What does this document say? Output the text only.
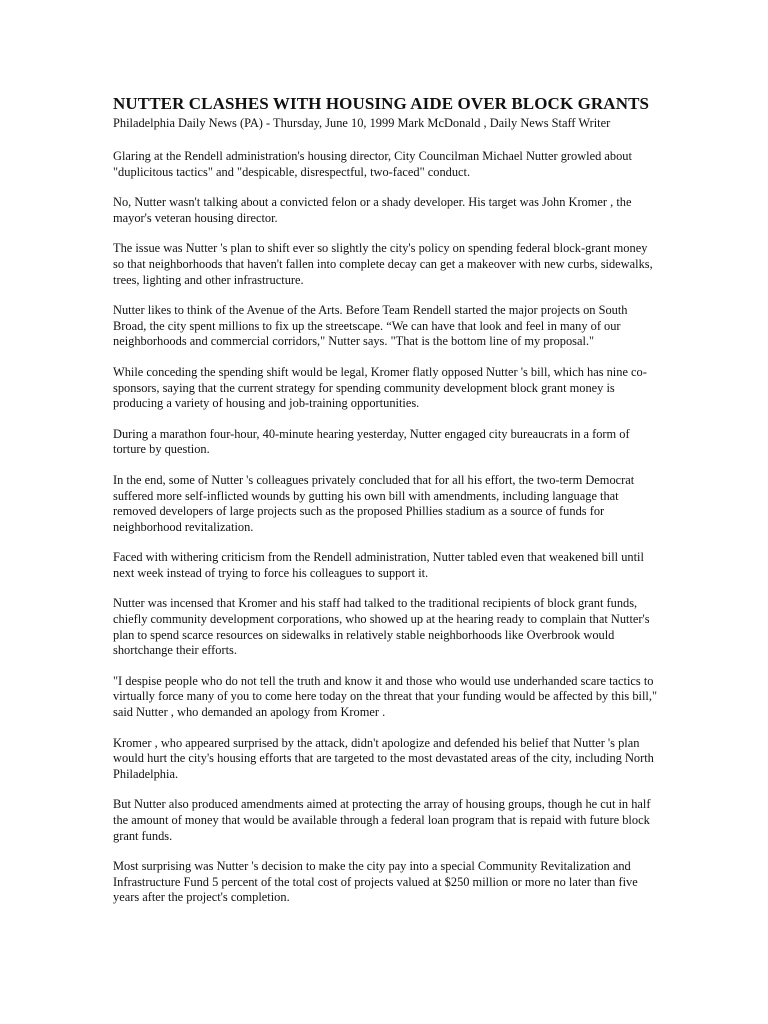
NUTTER CLASHES WITH HOUSING AIDE OVER BLOCK GRANTS

Philadelphia Daily News (PA) - Thursday, June 10, 1999 Mark McDonald , Daily News Staff Writer

Glaring at the Rendell administration's housing director, City Councilman Michael Nutter growled about "duplicitous tactics" and "despicable, disrespectful, two-faced" conduct.

No, Nutter wasn't talking about a convicted felon or a shady developer. His target was John Kromer , the mayor's veteran housing director.

The issue was Nutter 's plan to shift ever so slightly the city's policy on spending federal block-grant money so that neighborhoods that haven't fallen into complete decay can get a makeover with new curbs, sidewalks, trees, lighting and other infrastructure.

Nutter likes to think of the Avenue of the Arts. Before Team Rendell started the major projects on South Broad, the city spent millions to fix up the streetscape. “We can have that look and feel in many of our neighborhoods and commercial corridors," Nutter says. "That is the bottom line of my proposal."

While conceding the spending shift would be legal, Kromer flatly opposed Nutter 's bill, which has nine co-sponsors, saying that the current strategy for spending community development block grant money is producing a variety of housing and job-training opportunities.

During a marathon four-hour, 40-minute hearing yesterday, Nutter engaged city bureaucrats in a form of torture by question.

In the end, some of Nutter 's colleagues privately concluded that for all his effort, the two-term Democrat suffered more self-inflicted wounds by gutting his own bill with amendments, including language that removed developers of large projects such as the proposed Phillies stadium as a source of funds for neighborhood revitalization.

Faced with withering criticism from the Rendell administration, Nutter tabled even that weakened bill until next week instead of trying to force his colleagues to support it.

Nutter was incensed that Kromer and his staff had talked to the traditional recipients of block grant funds, chiefly community development corporations, who showed up at the hearing ready to complain that Nutter's plan to spend scarce resources on sidewalks in relatively stable neighborhoods like Overbrook would shortchange their efforts.

"I despise people who do not tell the truth and know it and those who would use underhanded scare tactics to virtually force many of you to come here today on the threat that your funding would be affected by this bill," said Nutter , who demanded an apology from Kromer .

Kromer , who appeared surprised by the attack, didn't apologize and defended his belief that Nutter 's plan would hurt the city's housing efforts that are targeted to the most devastated areas of the city, including North Philadelphia.

But Nutter also produced amendments aimed at protecting the array of housing groups, though he cut in half the amount of money that would be available through a federal loan program that is repaid with future block grant funds.

Most surprising was Nutter 's decision to make the city pay into a special Community Revitalization and Infrastructure Fund 5 percent of the total cost of projects valued at $250 million or more no later than five years after the project's completion.
